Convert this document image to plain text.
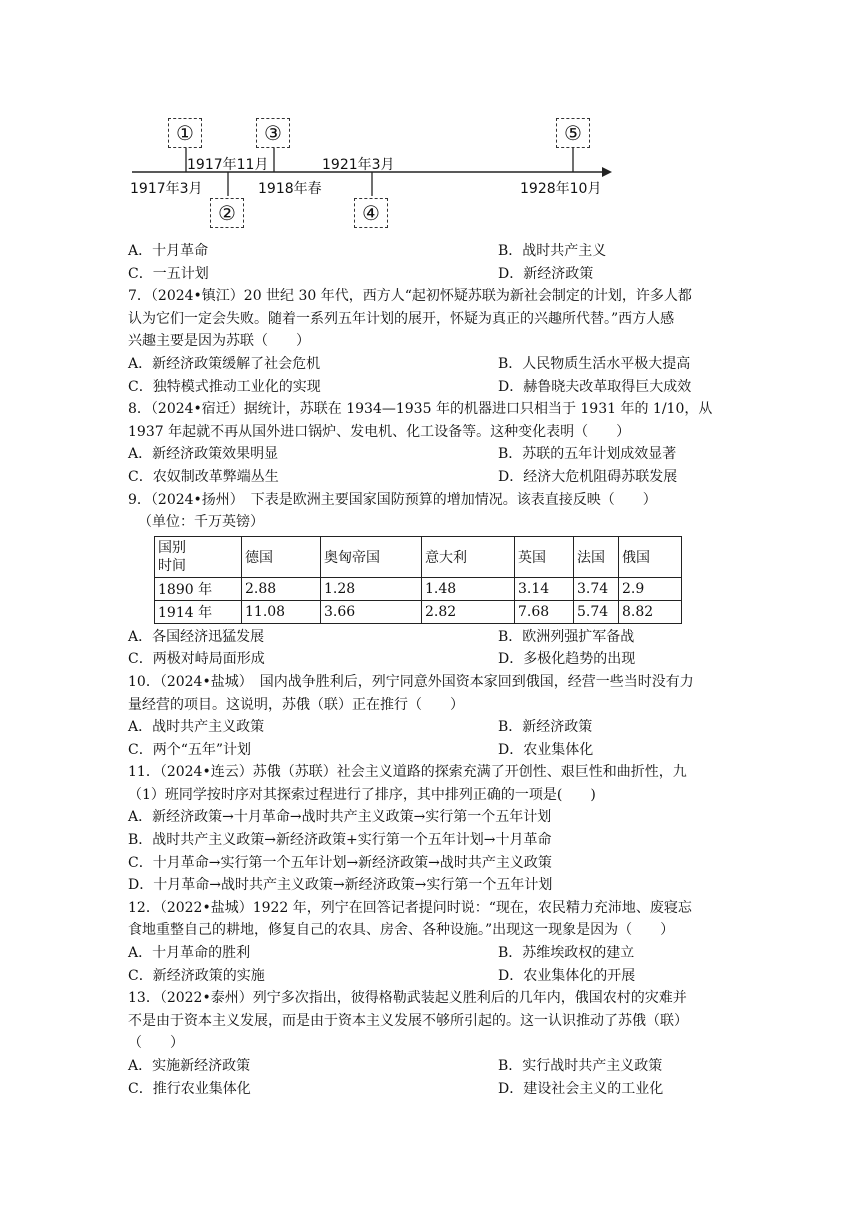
①
②
③
④
⑤
1917年3月
1917年11月
1918年春
1921年3月
1928年10月
A．十月革命	B．战时共产主义
C．一五计划	D．新经济政策
7．（2024•镇江）20 世纪 30 年代，西方人“起初怀疑苏联为新社会制定的计划，许多人都
认为它们一定会失败。随着一系列五年计划的展开，怀疑为真正的兴趣所代替。”西方人感
兴趣主要是因为苏联（　　）
A．新经济政策缓解了社会危机	B．人民物质生活水平极大提高
C．独特模式推动工业化的实现	D．赫鲁晓夫改革取得巨大成效
8．（2024•宿迁）据统计，苏联在 1934—1935 年的机器进口只相当于 1931 年的 1/10，从
1937 年起就不再从国外进口锅炉、发电机、化工设备等。这种变化表明（　　）
A．新经济政策效果明显	B．苏联的五年计划成效显著
C．农奴制改革弊端丛生	D．经济大危机阻碍苏联发展
9．（2024•扬州）　下表是欧洲主要国家国防预算的增加情况。该表直接反映（　　）
（单位：千万英镑）
国别
时间	德国	奥匈帝国	意大利	英国	法国	俄国
1890 年	2.88	1.28	1.48	3.14	3.74	2.9
1914 年	11.08	3.66	2.82	7.68	5.74	8.82
A．各国经济迅猛发展	B．欧洲列强扩军备战
C．两极对峙局面形成	D．多极化趋势的出现
10．（2024•盐城）　国内战争胜利后，列宁同意外国资本家回到俄国，经营一些当时没有力
量经营的项目。这说明，苏俄（联）正在推行（　　）
A．战时共产主义政策	B．新经济政策
C．两个“五年”计划	D．农业集体化
11．（2024•连云）苏俄（苏联）社会主义道路的探索充满了开创性、艰巨性和曲折性，九
（1）班同学按时序对其探索过程进行了排序，其中排列正确的一项是(　　)
A．新经济政策→十月革命→战时共产主义政策→实行第一个五年计划
B．战时共产主义政策→新经济政策+实行第一个五年计划→十月革命
C．十月革命→实行第一个五年计划→新经济政策→战时共产主义政策
D．十月革命→战时共产主义政策→新经济政策→实行第一个五年计划
12．（2022•盐城）1922 年，列宁在回答记者提问时说：“现在，农民精力充沛地、废寝忘
食地重整自己的耕地，修复自己的农具、房舍、各种设施。”出现这一现象是因为（　　）
A．十月革命的胜利	B．苏维埃政权的建立
C．新经济政策的实施	D．农业集体化的开展
13．（2022•泰州）列宁多次指出，彼得格勒武装起义胜利后的几年内，俄国农村的灾难并
不是由于资本主义发展，而是由于资本主义发展不够所引起的。这一认识推动了苏俄（联）
（　　）
A．实施新经济政策	B．实行战时共产主义政策
C．推行农业集体化	D．建设社会主义的工业化
